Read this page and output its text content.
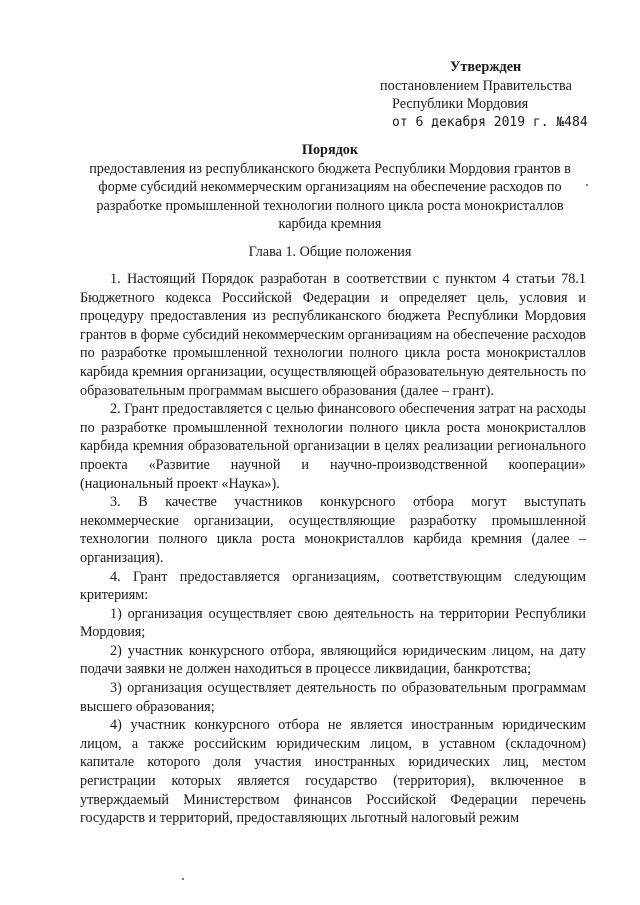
Утвержден
постановлением Правительства
Республики Мордовия
от 6 декабря 2019 г. №484
Порядок
предоставления из республиканского бюджета Республики Мордовия грантов в форме субсидий некоммерческим организациям на обеспечение расходов по разработке промышленной технологии полного цикла роста монокристаллов карбида кремния
Глава 1. Общие положения

1. Настоящий Порядок разработан в соответствии с пунктом 4 статьи 78.1 Бюджетного кодекса Российской Федерации и определяет цель, условия и процедуру предоставления из республиканского бюджета Республики Мордовия грантов в форме субсидий некоммерческим организациям на обеспечение расходов по разработке промышленной технологии полного цикла роста монокристаллов карбида кремния организации, осуществляющей образовательную деятельность по образовательным программам высшего образования (далее – грант).

2. Грант предоставляется с целью финансового обеспечения затрат на расходы по разработке промышленной технологии полного цикла роста монокристаллов карбида кремния образовательной организации в целях реализации регионального проекта «Развитие научной и научно-производственной кооперации» (национальный проект «Наука»).

3. В качестве участников конкурсного отбора могут выступать некоммерческие организации, осуществляющие разработку промышленной технологии полного цикла роста монокристаллов карбида кремния (далее – организация).

4. Грант предоставляется организациям, соответствующим следующим критериям:

1) организация осуществляет свою деятельность на территории Республики Мордовия;

2) участник конкурсного отбора, являющийся юридическим лицом, на дату подачи заявки не должен находиться в процессе ликвидации, банкротства;

3) организация осуществляет деятельность по образовательным программам высшего образования;

4) участник конкурсного отбора не является иностранным юридическим лицом, а также российским юридическим лицом, в уставном (складочном) капитале которого доля участия иностранных юридических лиц, местом регистрации которых является государство (территория), включенное в утверждаемый Министерством финансов Российской Федерации перечень государств и территорий, предоставляющих льготный налоговый режим
